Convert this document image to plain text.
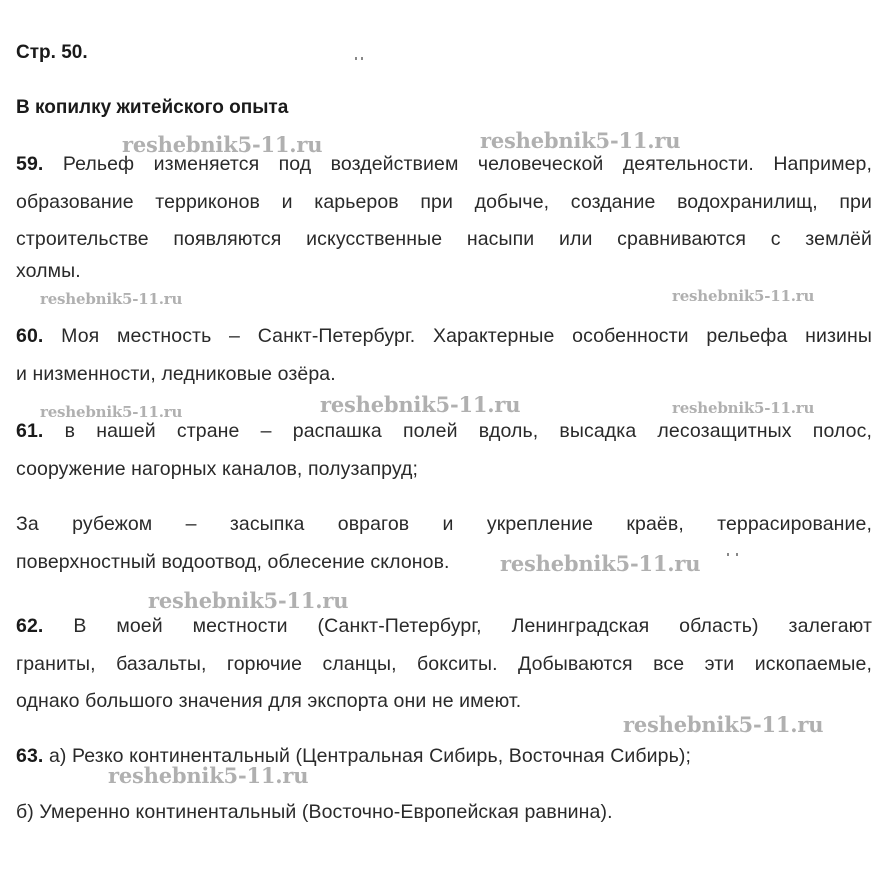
Стр. 50.
В копилку житейского опыта
59. Рельеф изменяется под воздействием человеческой деятельности. Например,
образование терриконов и карьеров при добыче, создание водохранилищ, при
строительстве появляются искусственные насыпи или сравниваются с землёй
холмы.
60. Моя местность – Санкт-Петербург. Характерные особенности рельефа низины
и низменности, ледниковые озёра.
61. в нашей стране – распашка полей вдоль, высадка лесозащитных полос,
сооружение нагорных каналов, полузапруд;
За рубежом – засыпка оврагов и укрепление краёв, террасирование,
поверхностный водоотвод, облесение склонов.
62. В моей местности (Санкт-Петербург, Ленинградская область) залегают
граниты, базальты, горючие сланцы, бокситы. Добываются все эти ископаемые,
однако большого значения для экспорта они не имеют.
63. а) Резко континентальный (Центральная Сибирь, Восточная Сибирь);
б) Умеренно континентальный (Восточно-Европейская равнина).
reshebnik5-11.ru	reshebnik5-11.ru
reshebnik5-11.ru	reshebnik5-11.ru
reshebnik5-11.ru	reshebnik5-11.ru	reshebnik5-11.ru
reshebnik5-11.ru
reshebnik5-11.ru
reshebnik5-11.ru
reshebnik5-11.ru
